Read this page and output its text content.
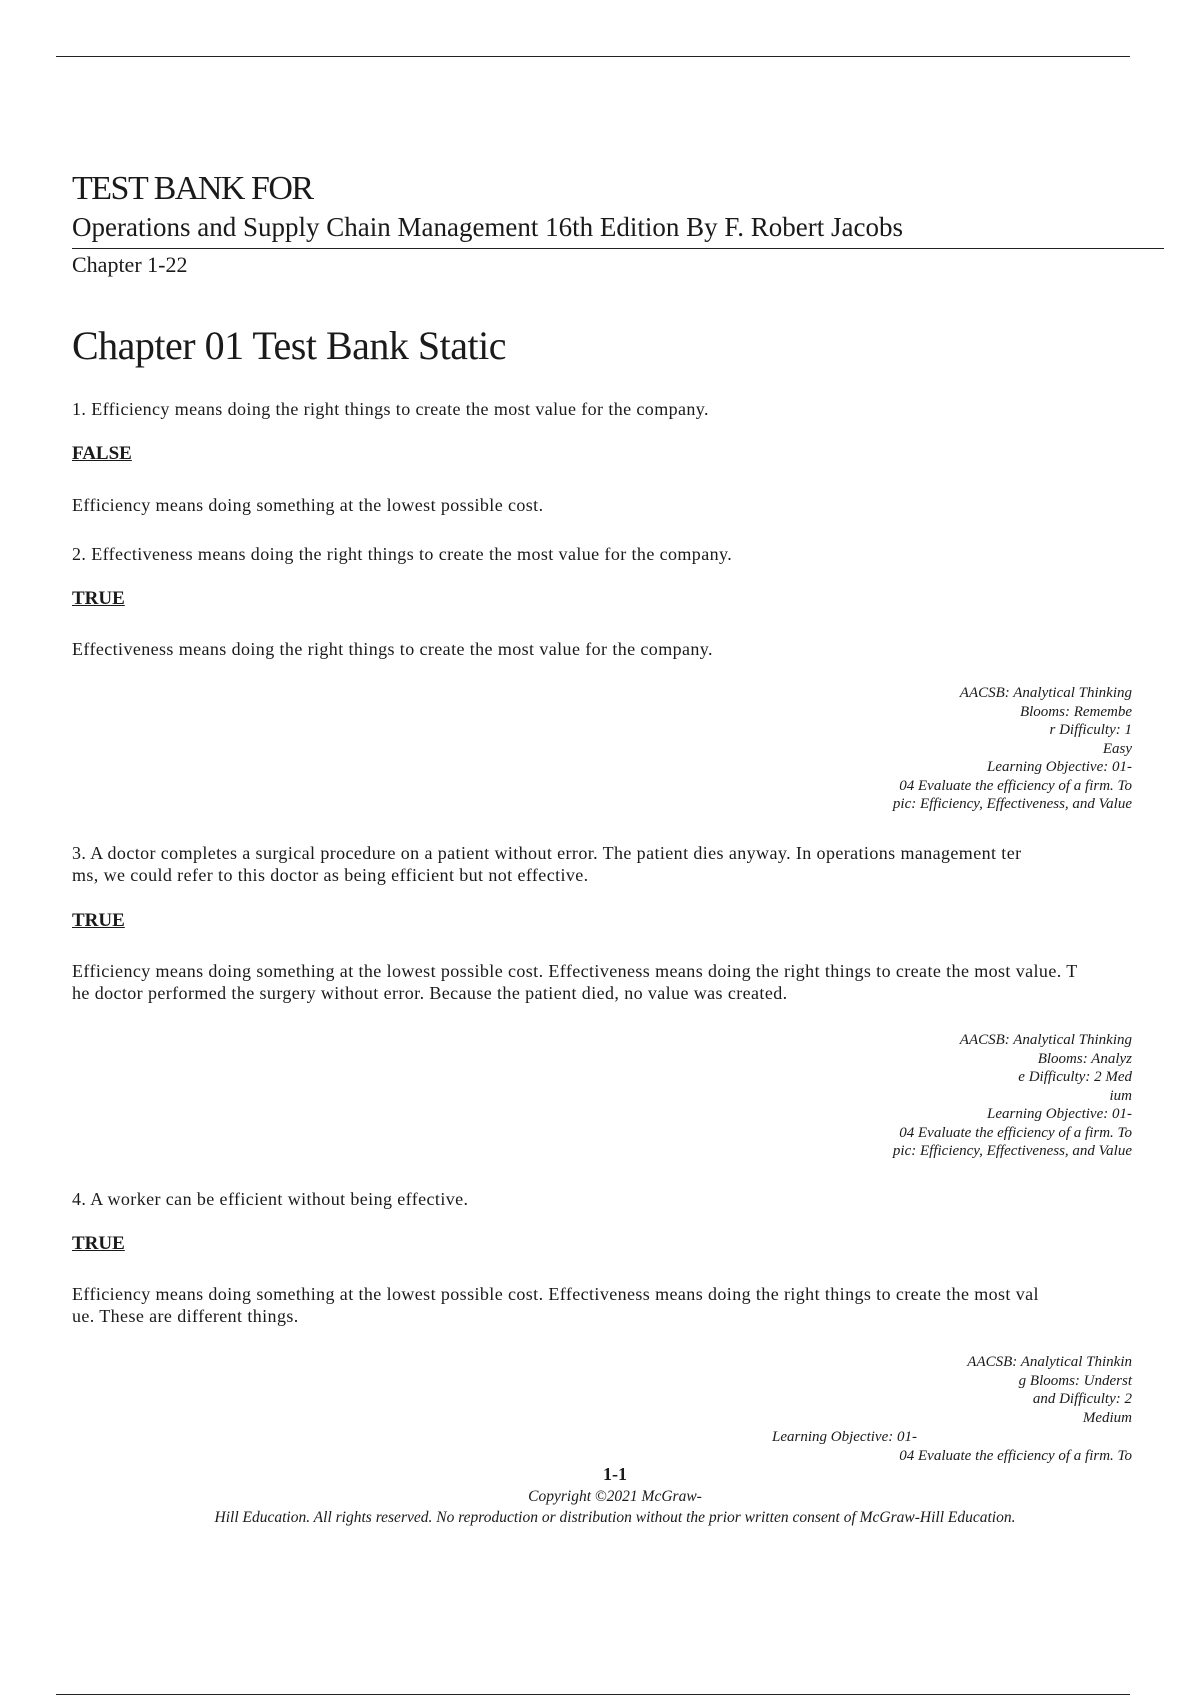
TEST BANK FOR
Operations and Supply Chain Management 16th Edition By F. Robert Jacobs
Chapter 1-22
Chapter 01 Test Bank Static
1. Efficiency means doing the right things to create the most value for the company.
FALSE
Efficiency means doing something at the lowest possible cost.
2. Effectiveness means doing the right things to create the most value for the company.
TRUE
Effectiveness means doing the right things to create the most value for the company.
AACSB: Analytical Thinking
Blooms: Remembe
r Difficulty: 1
Easy
Learning Objective: 01-
04 Evaluate the efficiency of a firm. To
pic: Efficiency, Effectiveness, and Value
3. A doctor completes a surgical procedure on a patient without error. The patient dies anyway. In operations management ter
ms, we could refer to this doctor as being efficient but not effective.
TRUE
Efficiency means doing something at the lowest possible cost. Effectiveness means doing the right things to create the most value. T
he doctor performed the surgery without error. Because the patient died, no value was created.
AACSB: Analytical Thinking
Blooms: Analyz
e Difficulty: 2 Med
ium
Learning Objective: 01-
04 Evaluate the efficiency of a firm. To
pic: Efficiency, Effectiveness, and Value
4. A worker can be efficient without being effective.
TRUE
Efficiency means doing something at the lowest possible cost. Effectiveness means doing the right things to create the most val
ue. These are different things.
AACSB: Analytical Thinkin
g Blooms: Underst
and Difficulty: 2
Medium
Learning Objective: 01-
04 Evaluate the efficiency of a firm. To
1-1
Copyright ©2021 McGraw-
Hill Education. All rights reserved. No reproduction or distribution without the prior written consent of McGraw-Hill Education.
